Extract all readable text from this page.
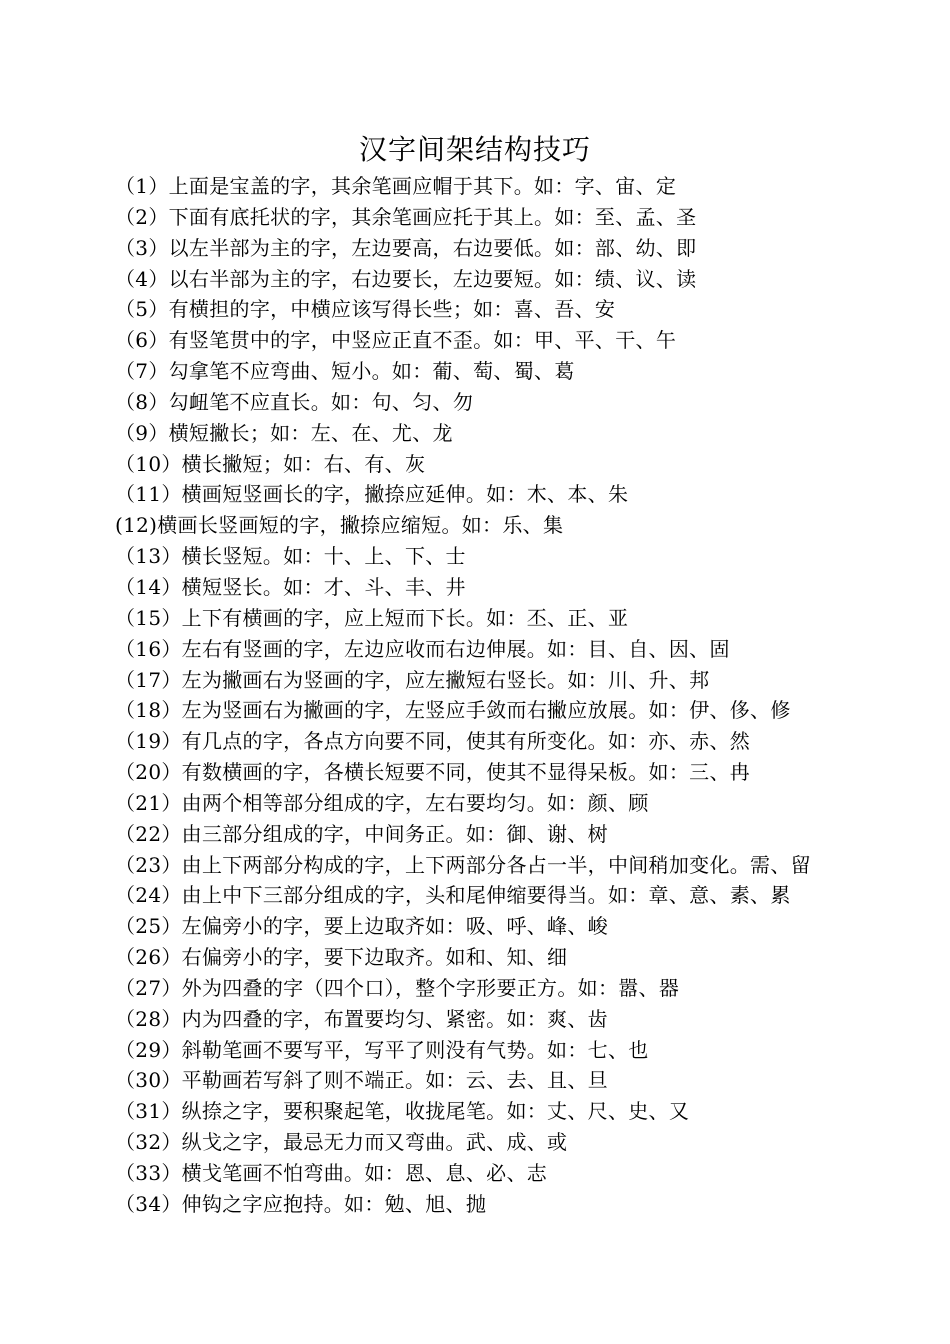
汉字间架结构技巧
（1）上面是宝盖的字，其余笔画应帽于其下。如：字、宙、定
（2）下面有底托状的字，其余笔画应托于其上。如：至、孟、圣
（3）以左半部为主的字，左边要高，右边要低。如：部、幼、即
（4）以右半部为主的字，右边要长，左边要短。如：绩、议、读
（5）有横担的字，中横应该写得长些；如：喜、吾、安
（6）有竖笔贯中的字，中竖应正直不歪。如：甲、平、干、午
（7）勾拿笔不应弯曲、短小。如：葡、萄、蜀、葛
（8）勾衄笔不应直长。如：句、匀、勿
（9）横短撇长；如：左、在、尤、龙
（10）横长撇短；如：右、有、灰
（11）横画短竖画长的字，撇捺应延伸。如：木、本、朱
(12)横画长竖画短的字，撇捺应缩短。如：乐、集
（13）横长竖短。如：十、上、下、士
（14）横短竖长。如：才、斗、丰、井
（15）上下有横画的字，应上短而下长。如：丕、正、亚
（16）左右有竖画的字，左边应收而右边伸展。如：目、自、因、固
（17）左为撇画右为竖画的字，应左撇短右竖长。如：川、升、邦
（18）左为竖画右为撇画的字，左竖应手敛而右撇应放展。如：伊、侈、修
（19）有几点的字，各点方向要不同，使其有所变化。如：亦、赤、然
（20）有数横画的字，各横长短要不同，使其不显得呆板。如：三、冉
（21）由两个相等部分组成的字，左右要均匀。如：颜、顾
（22）由三部分组成的字，中间务正。如：御、谢、树
（23）由上下两部分构成的字，上下两部分各占一半，中间稍加变化。需、留
（24）由上中下三部分组成的字，头和尾伸缩要得当。如：章、意、素、累
（25）左偏旁小的字，要上边取齐如：吸、呼、峰、峻
（26）右偏旁小的字，要下边取齐。如和、知、细
（27）外为四叠的字（四个口），整个字形要正方。如：嚣、器
（28）内为四叠的字，布置要均匀、紧密。如：爽、齿
（29）斜勒笔画不要写平，写平了则没有气势。如：七、也
（30）平勒画若写斜了则不端正。如：云、去、且、旦
（31）纵捺之字，要积聚起笔，收拢尾笔。如：丈、尺、史、又
（32）纵戈之字，最忌无力而又弯曲。武、成、或
（33）横戈笔画不怕弯曲。如：恩、息、必、志
（34）伸钩之字应抱持。如：勉、旭、抛
